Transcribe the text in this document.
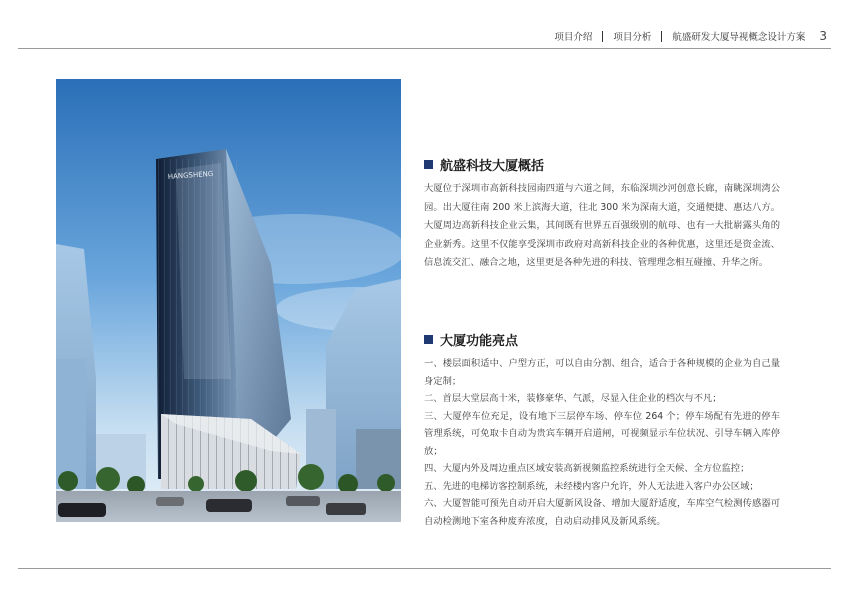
项目介绍 项目分析 航盛研发大厦导视概念设计方案 3
HANGSHENG
航盛科技大厦概括

大厦位于深圳市高新科技园南四道与六道之间，东临深圳沙河创意长廊，南眺深圳湾公园。出大厦往南 200 米上滨海大道，往北 300 米为深南大道，交通便捷、惠达八方。大厦周边高新科技企业云集，其间既有世界五百强级别的航母、也有一大批崭露头角的企业新秀。这里不仅能享受深圳市政府对高新科技企业的各种优惠，这里还是资金流、信息流交汇、融合之地，这里更是各种先进的科技、管理理念相互碰撞、升华之所。

大厦功能亮点

一、楼层面积适中、户型方正，可以自由分割、组合，适合于各种规模的企业为自己量身定制；

二、首层大堂层高十米，装修豪华、气派，尽显入住企业的档次与不凡；

三、大厦停车位充足，设有地下三层停车场、停车位 264 个；停车场配有先进的停车管理系统，可免取卡自动为贵宾车辆开启道闸，可视频显示车位状况、引导车辆入库停放；

四、大厦内外及周边重点区域安装高新视频监控系统进行全天候、全方位监控；

五、先进的电梯访客控制系统，未经楼内客户允许，外人无法进入客户办公区域；

六、大厦智能可预先自动开启大厦新风设备、增加大厦舒适度，车库空气检测传感器可自动检测地下室各种废弃浓度，自动启动排风及新风系统。
